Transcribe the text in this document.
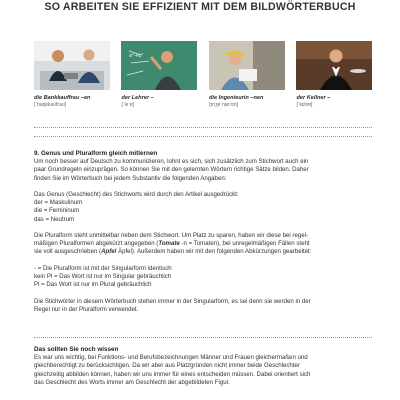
SO ARBEITEN SIE EFFIZIENT MIT DEM BILDWÖRTERBUCH
a²+b²
die Bankkauffrau –en
[ˈbaŋkkaʊfraʊ]
der Lehrer –
[ˈleːɐ]
die Ingenieurin –nen
[ɪnʒeˈni̯øːrɪn]
der Kellner –
[ˈkɛlnɐ]

9. Genus und Pluralform gleich mitlernen

Um noch besser auf Deutsch zu kommunizieren, lohnt es sich, sich zusätzlich zum Stichwort auch ein

paar Grundregeln einzuprägen. So können Sie mit den gelernten Wörtern richtige Sätze bilden. Daher

finden Sie im Wörterbuch bei jedem Substantiv die folgenden Angaben:

Das Genus (Geschlecht) des Stichworts wird durch den Artikel ausgedrückt:

der = Maskulinum

die = Femininum

das = Neutrum

Die Pluralform steht unmittelbar neben dem Stichwort. Um Platz zu sparen, haben wir diese bei regel-

mäßigen Pluralformen abgekürzt angegeben (Tomate -n = Tomaten), bei unregelmäßigen Fällen steht

sie voll ausgeschrieben (Apfel Äpfel). Außerdem haben wir mit den folgenden Abkürzungen gearbeitet:

- = Die Pluralform ist mit der Singularform identisch

kein Pl = Das Wort ist nur im Singular gebräuchlich

Pl = Das Wort ist nur im Plural gebräuchlich

Die Stichwörter in diesem Wörterbuch stehen immer in der Singularform, es sei denn sie werden in der

Regel nur in der Pluralform verwendet.

Das sollten Sie noch wissen

Es war uns wichtig, bei Funktions- und Berufsbezeichnungen Männer und Frauen gleichermaßen und

gleichberechtigt zu berücksichtigen. Da wir aber aus Platzgründen nicht immer beide Geschlechter

gleichzeitig abbilden können, haben wir uns immer für eines entscheiden müssen. Dabei orientiert sich

das Geschlecht des Worts immer am Geschlecht der abgebildeten Figur.
